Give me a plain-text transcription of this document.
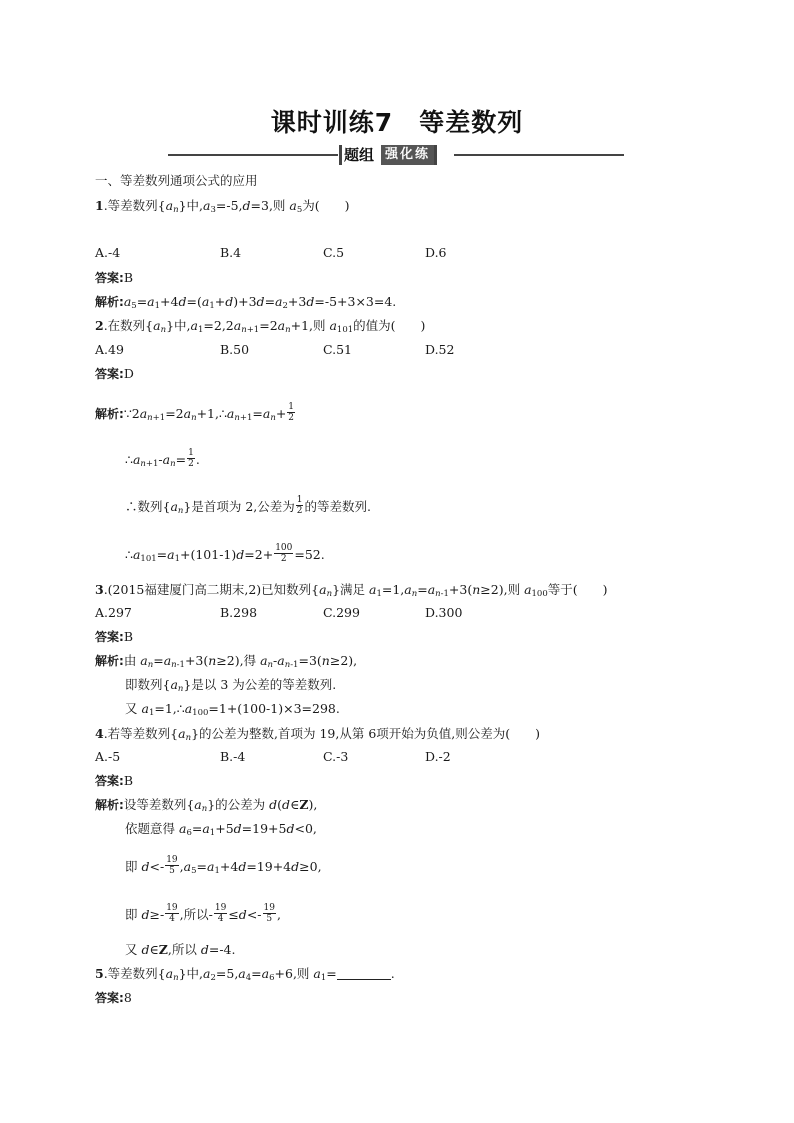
课时训练7　等差数列
题组 强化练
一、等差数列通项公式的应用
1.等差数列$\{a_n\}$中$,a_3=-5,d=3$,则 $a_5$为(　　)
A.-4	B.4	C.5	D.6
答案:B
解析$:a_5=a_1+4d=(a_1+d)+3d=a_2+3d=-5+3\times 3=4$.
2.在数列$\{a_n\}$中$,a_1=2,2a_{n+1}=2a_n+1$,则 $a_{101}$的值为(　　)
A.49	B.50	C.51	D.52
答案:D
解析$:\because 2a_{n+1}=2a_n+1,\therefore a_{n+1}=a_n+ \frac{1}{2}$
$\therefore a_{n+1}-a_n= \frac{1}{2}$ .
∴数列$\{a_n\}$是首项为 2,公差为 $\frac{1}{2}$ 的等差数列.
$\therefore a_{101}=a_1+(101-1)d=2+ \frac{100}{2} =52$.
3.(2015福建厦门高二期末,2)已知数列$\{a_n\}$满足 $a_1=1,a_n=a_{n-1}+3(n\ge 2)$,则 $a_{100}$等于(　　)
A.297	B.298	C.299	D.300
答案:B
解析:由 $a_n=a_{n-1}+3(n\ge 2)$,得 $a_n-a_{n-1}=3(n\ge 2)$,
即数列$\{a_n\}$是以 3 为公差的等差数列.
又 $a_1=1,\therefore a_{100}=1+(100-1)\times 3=298$.
4.若等差数列$\{a_n\}$的公差为整数,首项为 19,从第 6项开始为负值,则公差为(　　)
A.-5	B.-4	C.-3	D.-2
答案:B
解析:设等差数列$\{a_n\}$的公差为 d(d∈Z),
依题意得 $a_6=a_1+5d=19+5d<0$,
即 $d<- \frac{19}{5} ,a_5=a_1+4d=19+4d\ge 0$,
即 $d\ge- \frac{19}{4}$ ,所以- $\frac{19}{4} \le d<- \frac{19}{5}$ ,
又 d∈Z,所以 d=-4.
5.等差数列$\{a_n\}$中$,a_2=5,a_4=a_6+6$,则 $a_1=$	.
答案:8
